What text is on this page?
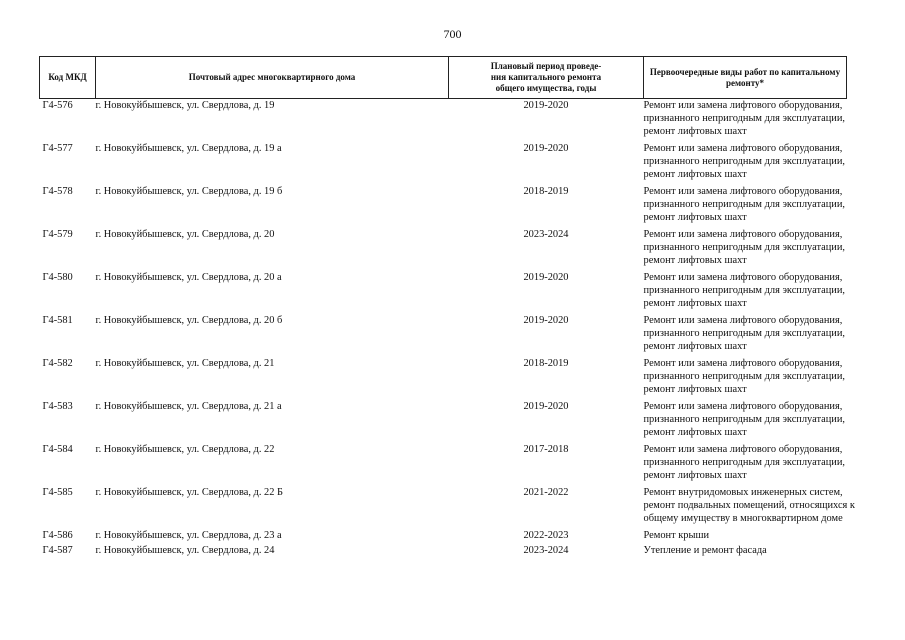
700
Код МКД	Почтовый адрес многоквартирного дома	Плановый период проведе-
ния капитального ремонта
общего имущества, годы	Первоочередные виды работ по капитальному
ремонту*

Г4-576	г. Новокуйбышевск, ул. Свердлова, д. 19	2019-2020	Ремонт или замена лифтового оборудования,
признанного непригодным для эксплуатации,
ремонт лифтовых шахт

Г4-577	г. Новокуйбышевск, ул. Свердлова, д. 19 а	2019-2020	Ремонт или замена лифтового оборудования,
признанного непригодным для эксплуатации,
ремонт лифтовых шахт

Г4-578	г. Новокуйбышевск, ул. Свердлова, д. 19 б	2018-2019	Ремонт или замена лифтового оборудования,
признанного непригодным для эксплуатации,
ремонт лифтовых шахт

Г4-579	г. Новокуйбышевск, ул. Свердлова, д. 20	2023-2024	Ремонт или замена лифтового оборудования,
признанного непригодным для эксплуатации,
ремонт лифтовых шахт

Г4-580	г. Новокуйбышевск, ул. Свердлова, д. 20 а	2019-2020	Ремонт или замена лифтового оборудования,
признанного непригодным для эксплуатации,
ремонт лифтовых шахт

Г4-581	г. Новокуйбышевск, ул. Свердлова, д. 20 б	2019-2020	Ремонт или замена лифтового оборудования,
признанного непригодным для эксплуатации,
ремонт лифтовых шахт

Г4-582	г. Новокуйбышевск, ул. Свердлова, д. 21	2018-2019	Ремонт или замена лифтового оборудования,
признанного непригодным для эксплуатации,
ремонт лифтовых шахт

Г4-583	г. Новокуйбышевск, ул. Свердлова, д. 21 а	2019-2020	Ремонт или замена лифтового оборудования,
признанного непригодным для эксплуатации,
ремонт лифтовых шахт

Г4-584	г. Новокуйбышевск, ул. Свердлова, д. 22	2017-2018	Ремонт или замена лифтового оборудования,
признанного непригодным для эксплуатации,
ремонт лифтовых шахт

Г4-585	г. Новокуйбышевск, ул. Свердлова, д. 22 Б	2021-2022	Ремонт внутридомовых инженерных систем,
ремонт подвальных помещений, относящихся к
общему имуществу в многоквартирном доме

Г4-586	г. Новокуйбышевск, ул. Свердлова, д. 23 а	2022-2023	Ремонт крыши

Г4-587	г. Новокуйбышевск, ул. Свердлова, д. 24	2023-2024	Утепление и ремонт фасада
